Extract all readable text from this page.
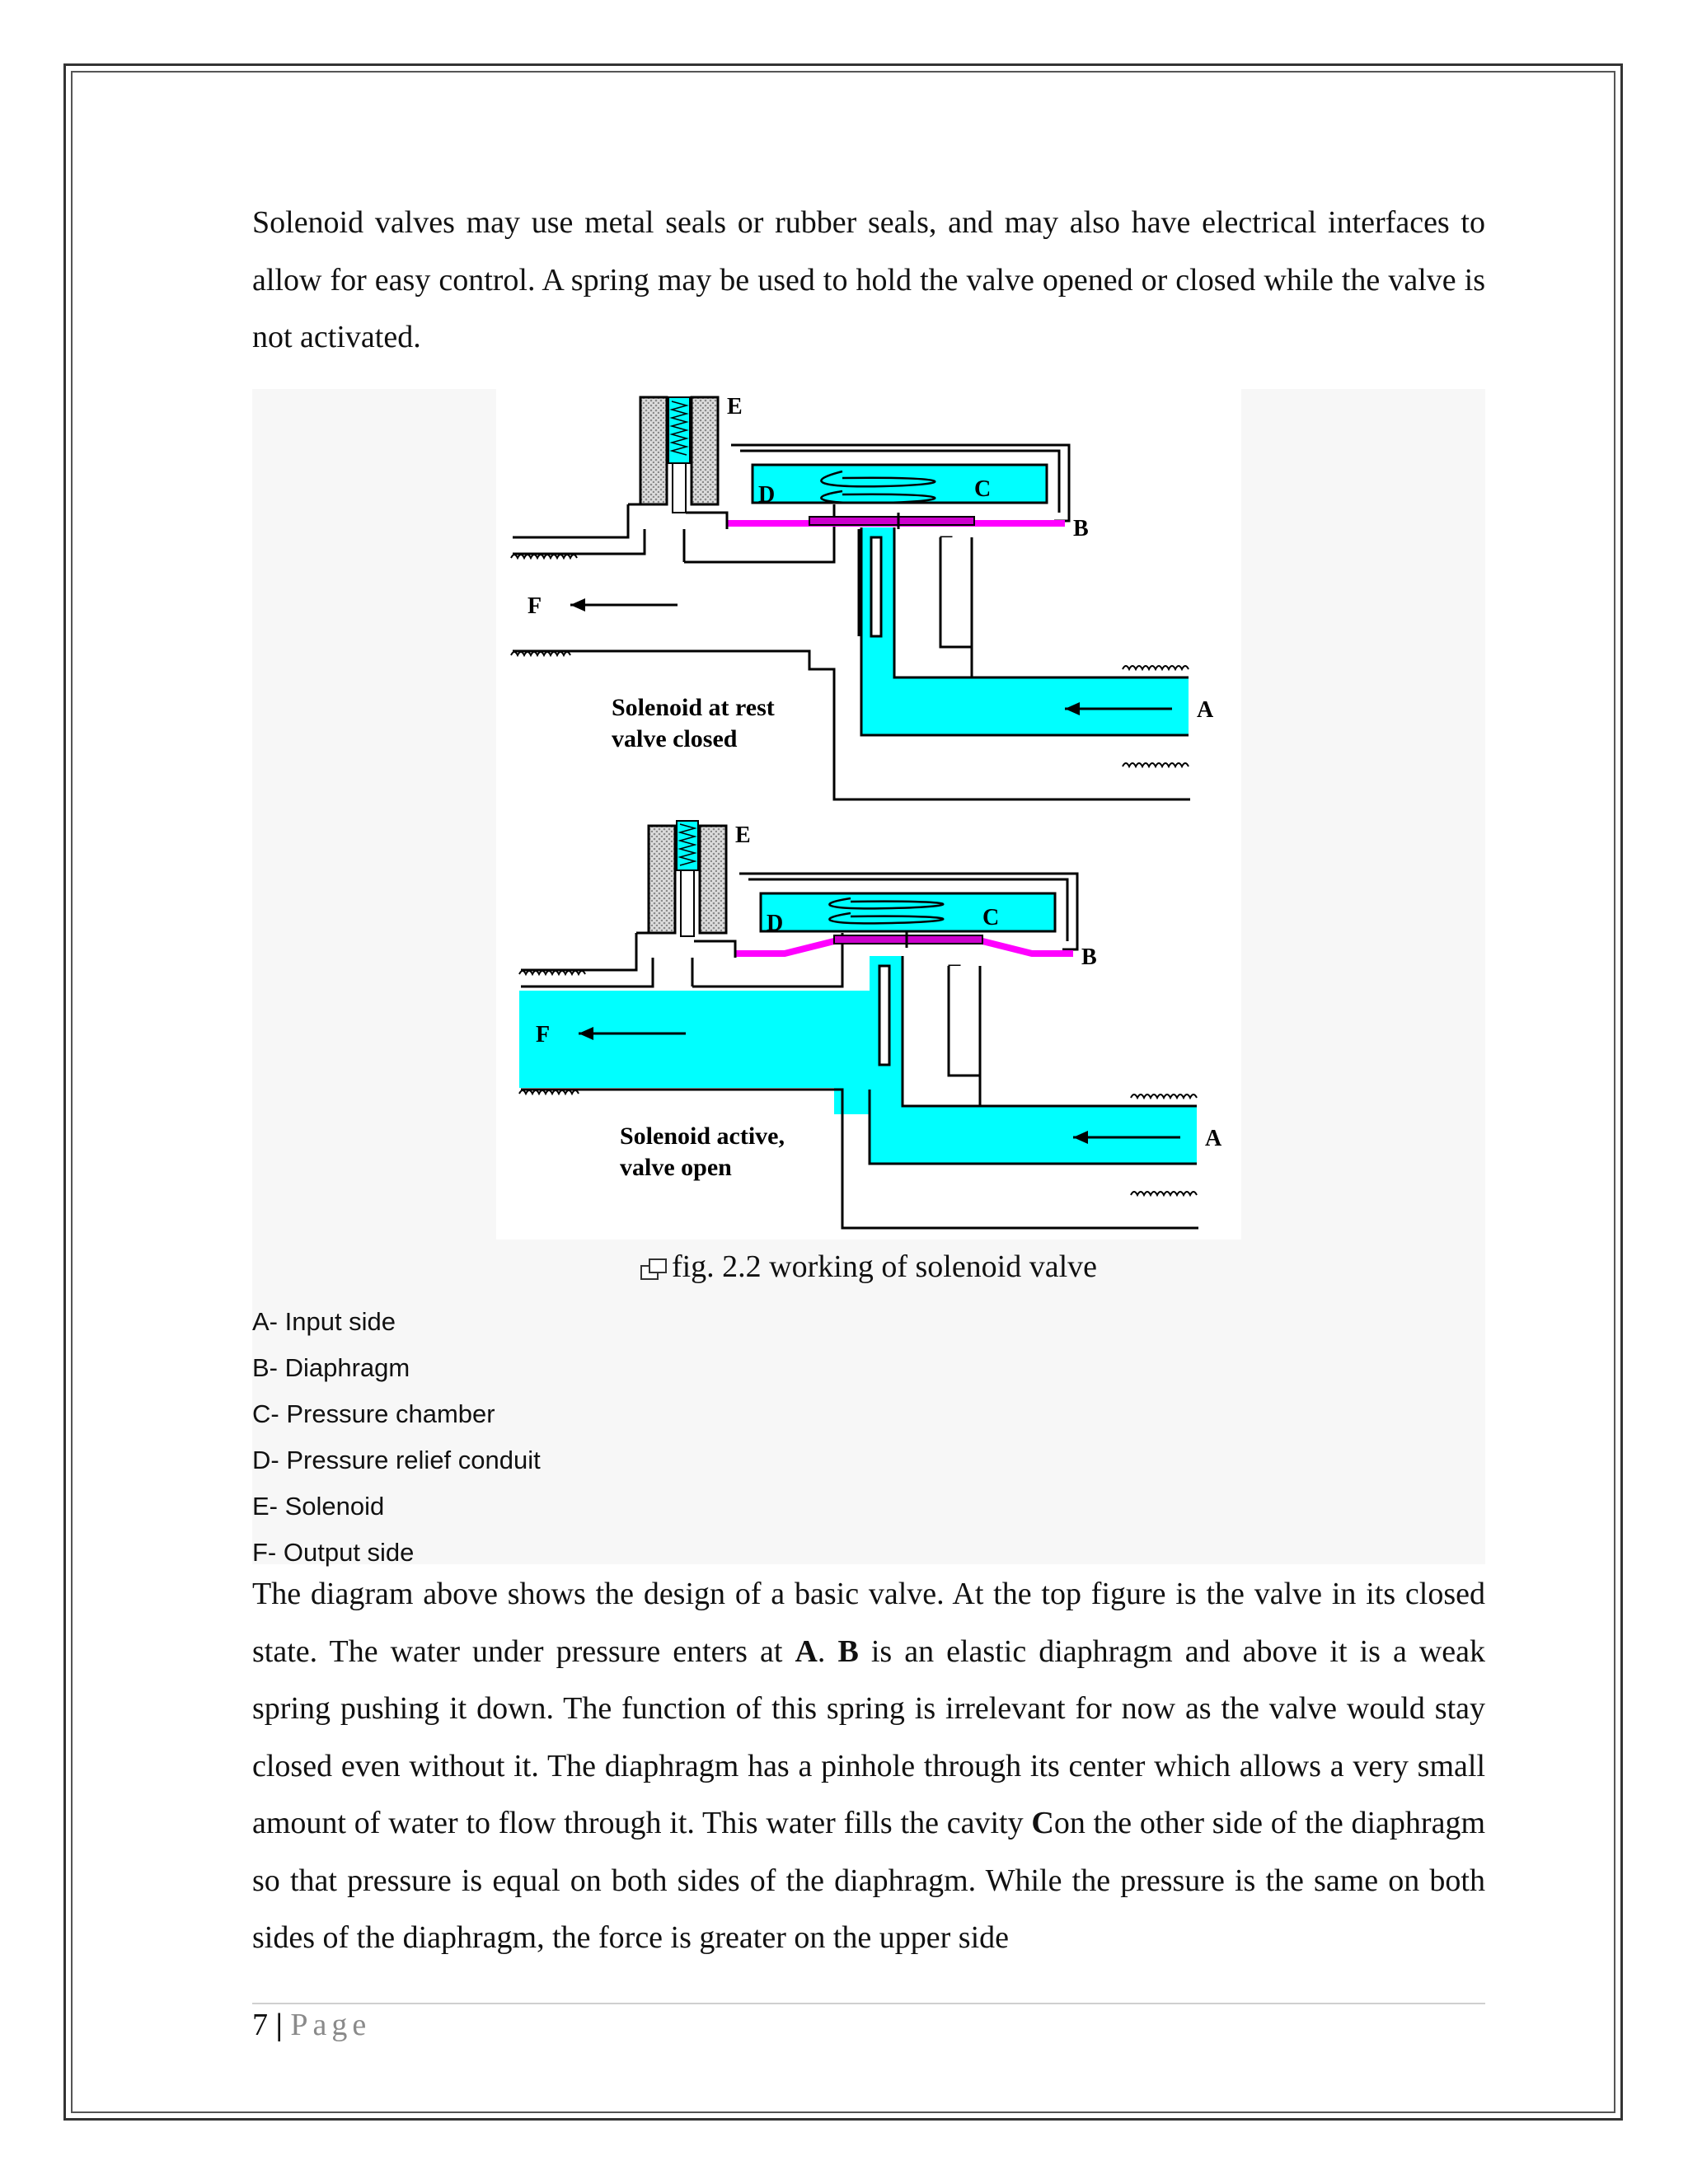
Solenoid valves may use metal seals or rubber seals, and may also have electrical interfaces to allow for easy control. A spring may be used to hold the valve opened or closed while the valve is not activated.

E
D	C
B
F
A
Solenoid at rest
valve closed
E
D	C
B
F
A
Solenoid active,
valve open
fig. 2.2 working of solenoid valve
A- Input side
B- Diaphragm
C- Pressure chamber
D- Pressure relief conduit
E- Solenoid
F- Output side

The diagram above shows the design of a basic valve. At the top figure is the valve in its closed state. The water under pressure enters at A. B is an elastic diaphragm and above it is a weak spring pushing it down. The function of this spring is irrelevant for now as the valve would stay closed even without it. The diaphragm has a pinhole through its center which allows a very small amount of water to flow through it. This water fills the cavity Con the other side of the diaphragm so that pressure is equal on both sides of the diaphragm. While the pressure is the same on both sides of the diaphragm, the force is greater on the upper side

7 | Page
